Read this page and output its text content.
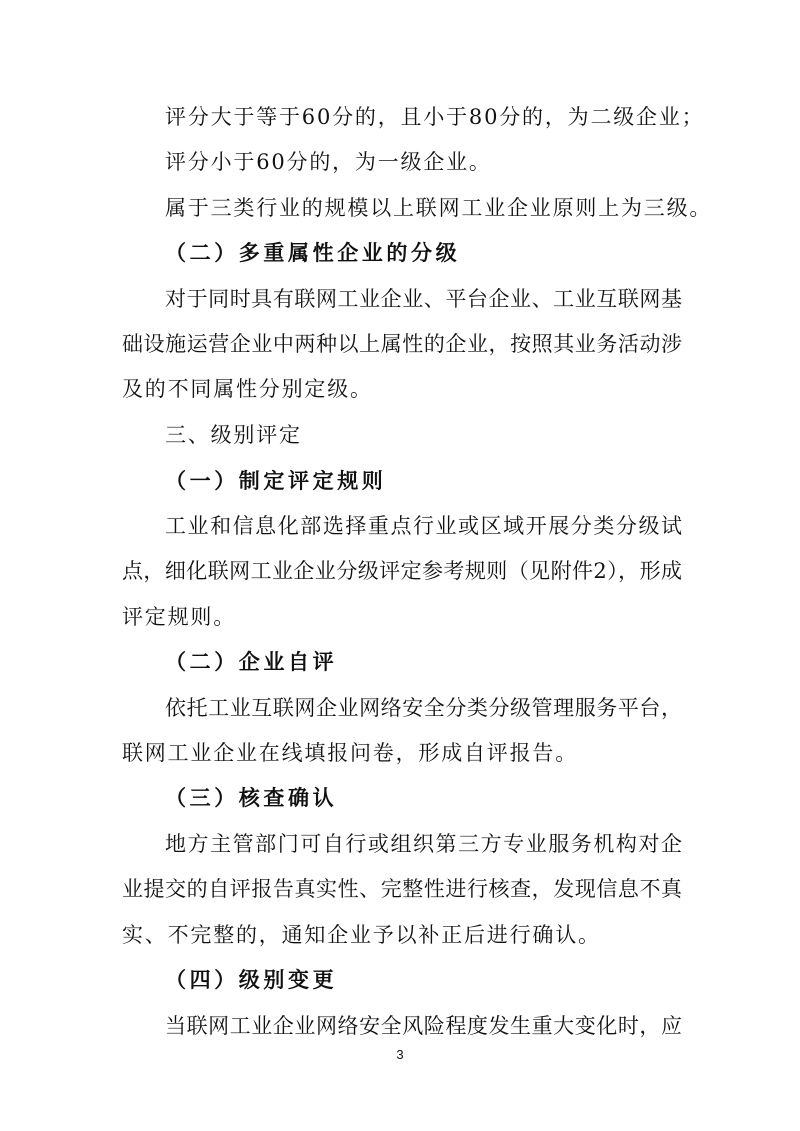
评分大于等于60分的，且小于80分的，为二级企业；
评分小于60分的，为一级企业。
属于三类行业的规模以上联网工业企业原则上为三级。
（二）多重属性企业的分级
对于同时具有联网工业企业、平台企业、工业互联网基
础设施运营企业中两种以上属性的企业，按照其业务活动涉
及的不同属性分别定级。
三、级别评定
（一）制定评定规则
工业和信息化部选择重点行业或区域开展分类分级试
点，细化联网工业企业分级评定参考规则（见附件2），形成
评定规则。
（二）企业自评
依托工业互联网企业网络安全分类分级管理服务平台，
联网工业企业在线填报问卷，形成自评报告。
（三）核查确认
地方主管部门可自行或组织第三方专业服务机构对企
业提交的自评报告真实性、完整性进行核查，发现信息不真
实、不完整的，通知企业予以补正后进行确认。
（四）级别变更
当联网工业企业网络安全风险程度发生重大变化时，应
3
